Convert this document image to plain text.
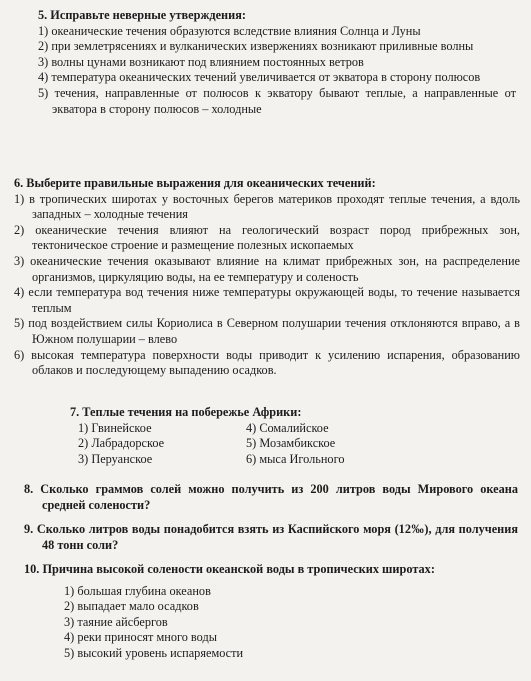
5. Исправьте неверные утверждения:
1) океанические течения образуются вследствие влияния Солнца и Луны
2) при землетрясениях и вулканических извержениях возникают приливные волны
3) волны цунами возникают под влиянием постоянных ветров
4) температура океанических течений увеличивается от экватора в сторону полюсов
5) течения, направленные от полюсов к экватору бывают теплые, а направленные от экватора в сторону полюсов – холодные
6. Выберите правильные выражения для океанических течений:
1) в тропических широтах у восточных берегов материков проходят теплые течения, а вдоль западных – холодные течения
2) океанические течения влияют на геологический возраст пород прибрежных зон, тектоническое строение и размещение полезных ископаемых
3) океанические течения оказывают влияние на климат прибрежных зон, на распределение организмов, циркуляцию воды, на ее температуру и соленость
4) если температура вод течения ниже температуры окружающей воды, то течение называется теплым
5) под воздействием силы Кориолиса в Северном полушарии течения отклоняются вправо, а в Южном полушарии – влево
6) высокая температура поверхности воды приводит к усилению испарения, образованию облаков и последующему выпадению осадков.
7. Теплые течения на побережье Африки:
1) Гвинейское	4) Сомалийское
2) Лабрадорское	5) Мозамбикское
3) Перуанское	6) мыса Игольного
8. Сколько граммов солей можно получить из 200 литров воды Мирового океана средней солености?
9. Сколько литров воды понадобится взять из Каспийского моря (12‰), для получения 48 тонн соли?
10. Причина высокой солености океанской воды в тропических широтах:
1) большая глубина океанов
2) выпадает мало осадков
3) таяние айсбергов
4) реки приносят много воды
5) высокий уровень испаряемости
